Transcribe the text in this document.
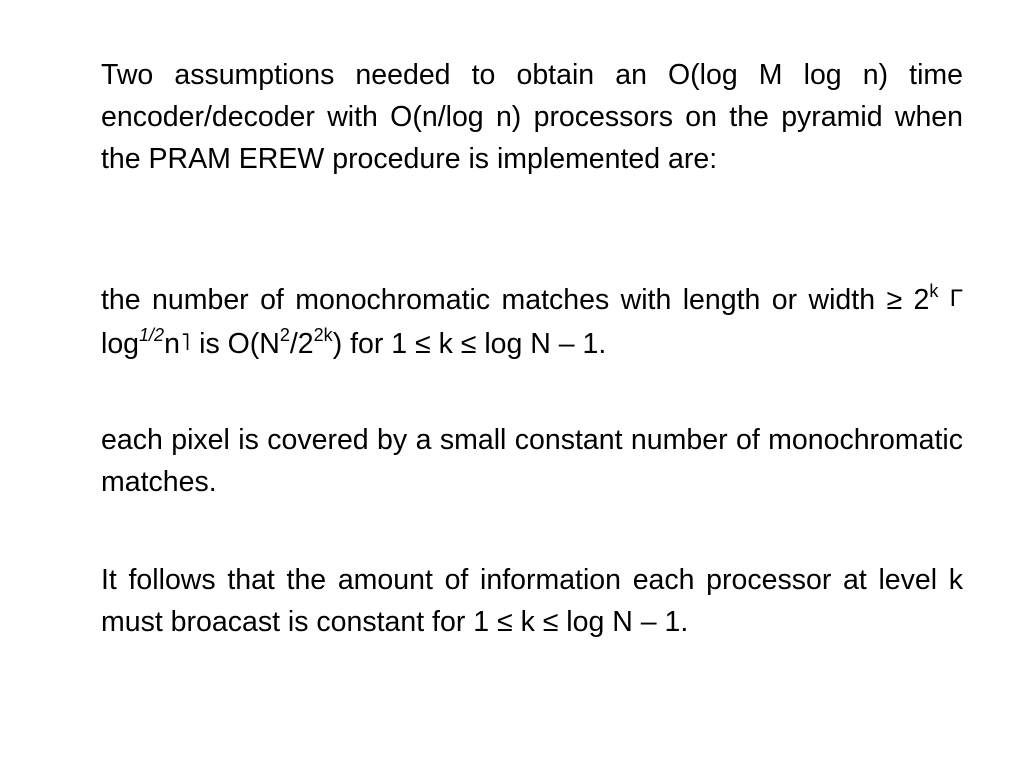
Two assumptions needed to obtain an O(log M log n) time encoder/decoder with O(n/log n) processors on the pyramid when the PRAM EREW procedure is implemented are:

the number of monochromatic matches with length or width ≥ $2^k$ Γlog$^{1/2}$n˥ is $O(N^2/2^{2k})$ for 1 ≤ k ≤ log N – 1.

each pixel is covered by a small constant number of monochromatic matches.

It follows that the amount of information each processor at level k must broacast is constant for 1 ≤ k ≤ log N – 1.
